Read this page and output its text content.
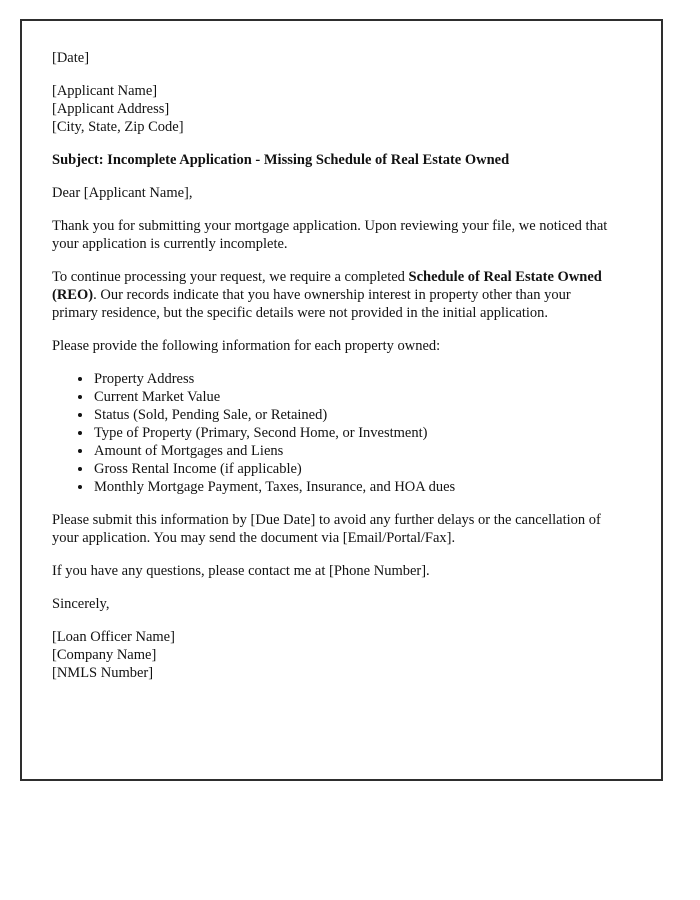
[Date]
[Applicant Name]
[Applicant Address]
[City, State, Zip Code]
Subject: Incomplete Application - Missing Schedule of Real Estate Owned
Dear [Applicant Name],
Thank you for submitting your mortgage application. Upon reviewing your file, we noticed that your application is currently incomplete.
To continue processing your request, we require a completed Schedule of Real Estate Owned (REO). Our records indicate that you have ownership interest in property other than your primary residence, but the specific details were not provided in the initial application.
Please provide the following information for each property owned:
• Property Address
• Current Market Value
• Status (Sold, Pending Sale, or Retained)
• Type of Property (Primary, Second Home, or Investment)
• Amount of Mortgages and Liens
• Gross Rental Income (if applicable)
• Monthly Mortgage Payment, Taxes, Insurance, and HOA dues
Please submit this information by [Due Date] to avoid any further delays or the cancellation of your application. You may send the document via [Email/Portal/Fax].
If you have any questions, please contact me at [Phone Number].
Sincerely,
[Loan Officer Name]
[Company Name]
[NMLS Number]
